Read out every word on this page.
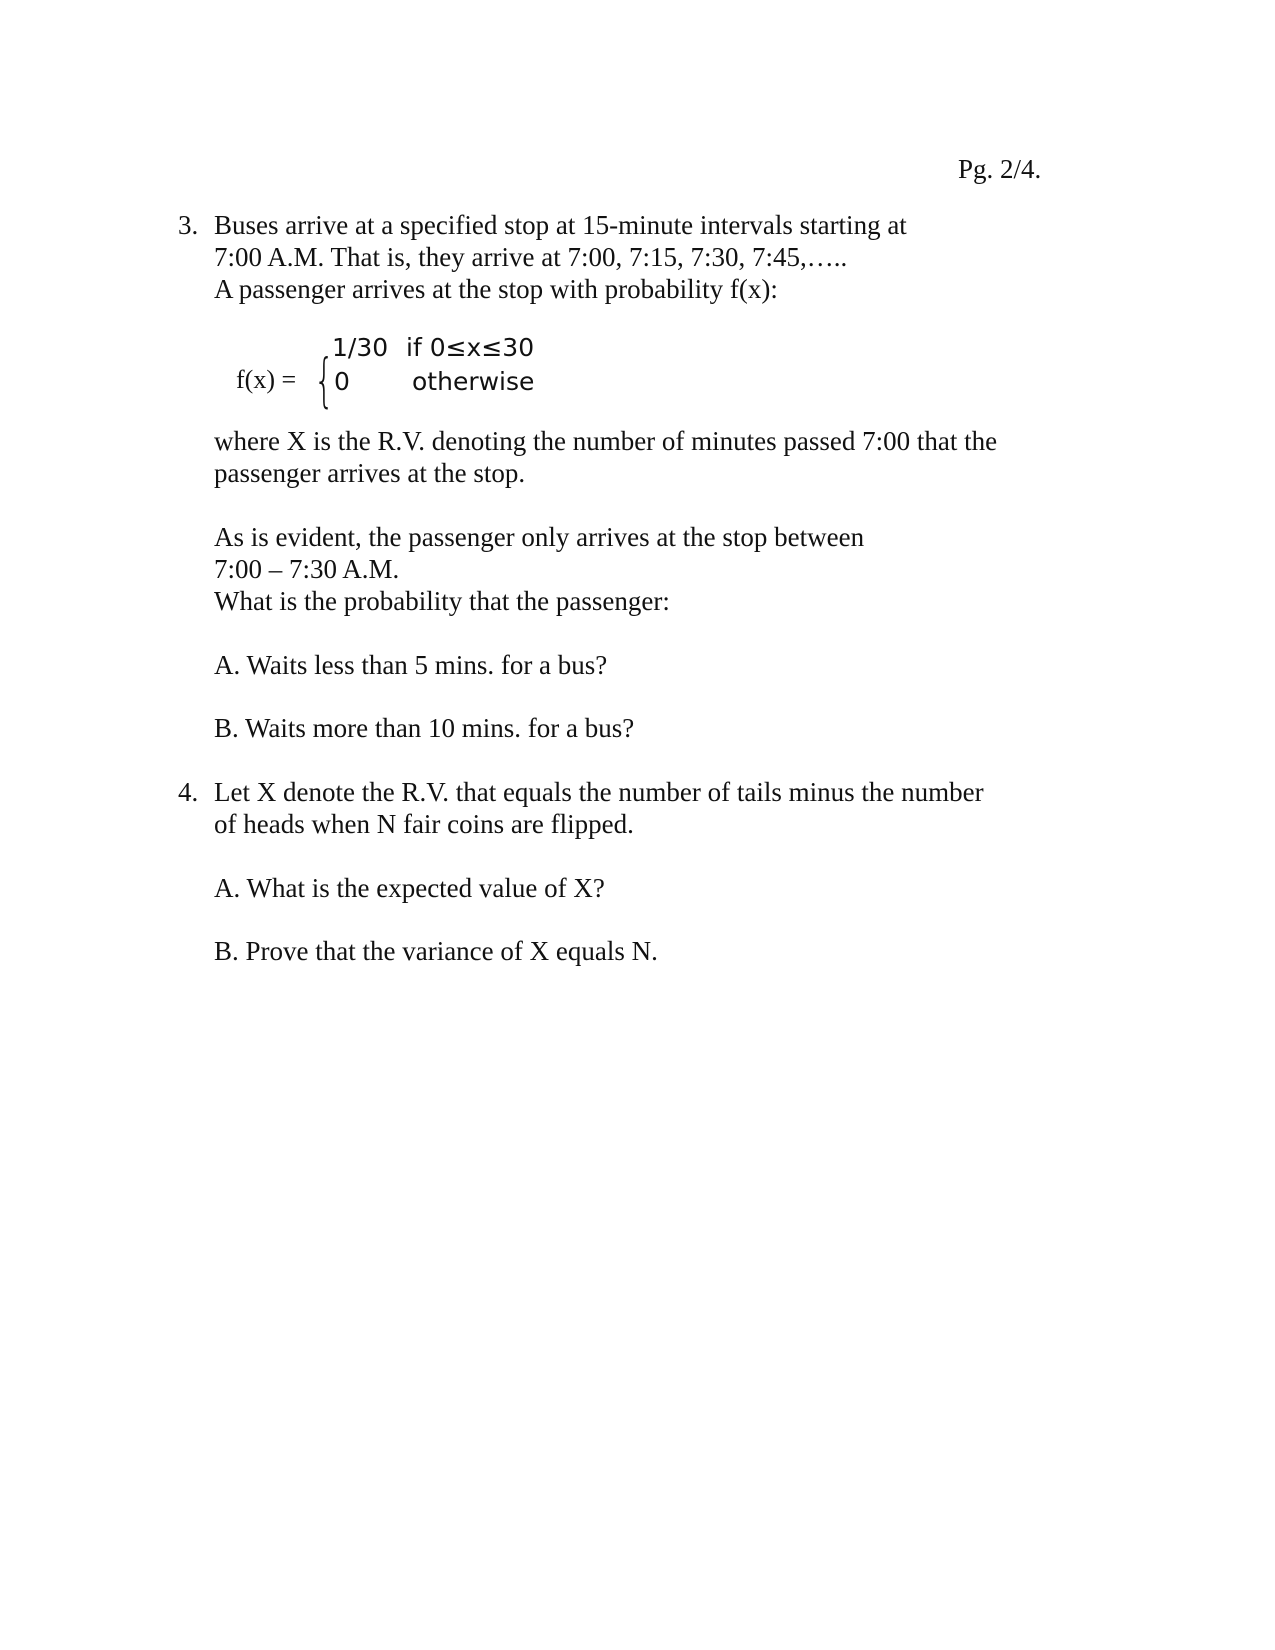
Pg. 2/4.
3. Buses arrive at a specified stop at 15-minute intervals starting at
7:00 A.M. That is, they arrive at 7:00, 7:15, 7:30, 7:45,…..
A passenger arrives at the stop with probability f(x):
f(x) = {
1/30 if 0≤x≤30
0 otherwise
where X is the R.V. denoting the number of minutes passed 7:00 that the
passenger arrives at the stop.
As is evident, the passenger only arrives at the stop between
7:00 – 7:30 A.M.
What is the probability that the passenger:
A. Waits less than 5 mins. for a bus?
B. Waits more than 10 mins. for a bus?
4. Let X denote the R.V. that equals the number of tails minus the number
of heads when N fair coins are flipped.
A. What is the expected value of X?
B. Prove that the variance of X equals N.
